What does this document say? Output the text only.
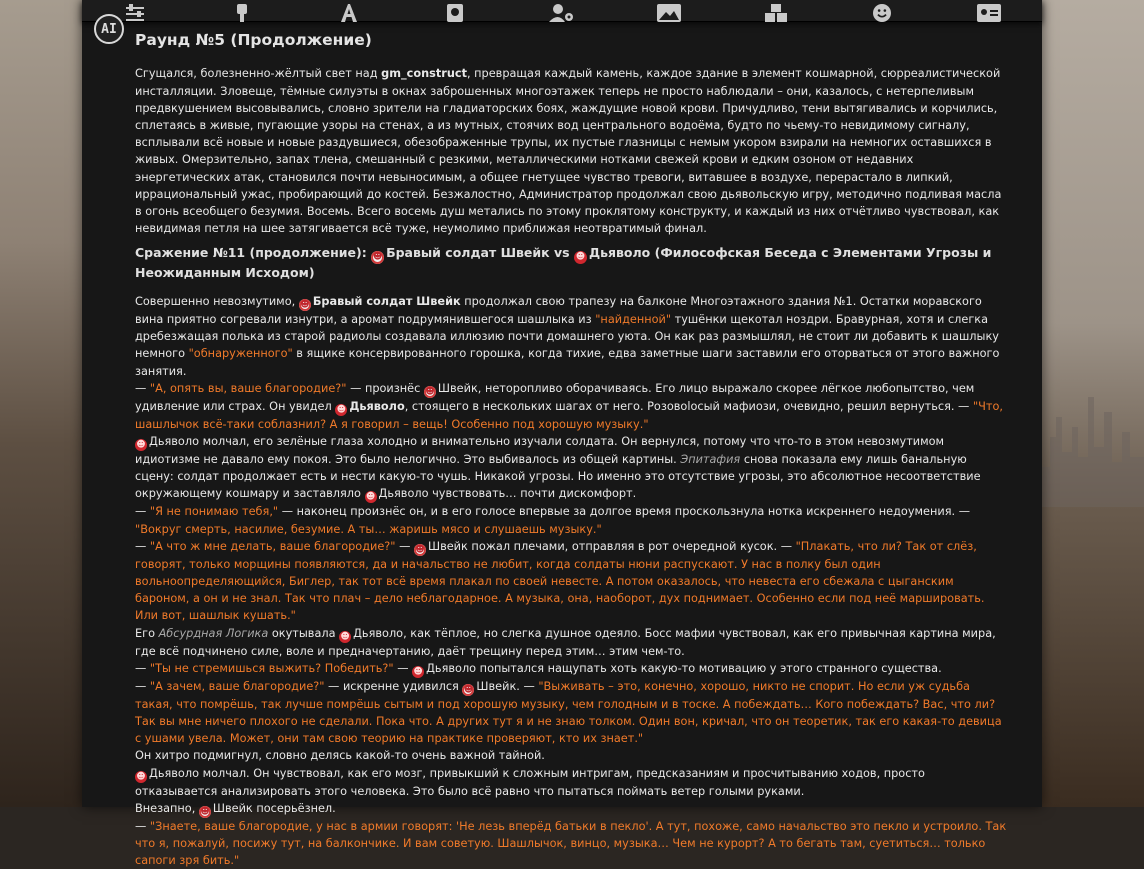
AI
Раунд №5 (Продолжение)

Сгущался, болезненно-жёлтый свет над gm_construct, превращая каждый камень, каждое здание в элемент кошмарной, сюрреалистической инсталляции. Зловеще, тёмные силуэты в окнах заброшенных многоэтажек теперь не просто наблюдали – они, казалось, с нетерпеливым предвкушением высовывались, словно зрители на гладиаторских боях, жаждущие новой крови. Причудливо, тени вытягивались и корчились, сплетаясь в живые, пугающие узоры на стенах, а из мутных, стоячих вод центрального водоёма, будто по чьему-то невидимому сигналу, всплывали всё новые и новые раздувшиеся, обезображенные трупы, их пустые глазницы с немым укором взирали на немногих оставшихся в живых. Омерзительно, запах тлена, смешанный с резкими, металлическими нотками свежей крови и едким озоном от недавних энергетических атак, становился почти невыносимым, а общее гнетущее чувство тревоги, витавшее в воздухе, перерастало в липкий, иррациональный ужас, пробирающий до костей. Безжалостно, Администратор продолжал свою дьявольскую игру, методично подливая масла в огонь всеобщего безумия. Восемь. Всего восемь душ метались по этому проклятому конструкту, и каждый из них отчётливо чувствовал, как невидимая петля на шее затягивается всё туже, неумолимо приближая неотвратимый финал.

Сражение №11 (продолжение): ☻ Бравый солдат Швейк vs ☻ Дьяволо (Философская Беседа с Элементами Угрозы и Неожиданным Исходом)

Совершенно невозмутимо, ☻ Бравый солдат Швейк продолжал свою трапезу на балконе Многоэтажного здания №1. Остатки моравского вина приятно согревали изнутри, а аромат подрумянившегося шашлыка из "найденной" тушёнки щекотал ноздри. Бравурная, хотя и слегка дребезжащая полька из старой радиолы создавала иллюзию почти домашнего уюта. Он как раз размышлял, не стоит ли добавить к шашлыку немного "обнаруженного" в ящике консервированного горошка, когда тихие, едва заметные шаги заставили его оторваться от этого важного занятия.

— "А, опять вы, ваше благородие?" — произнёс ☻ Швейк, неторопливо оборачиваясь. Его лицо выражало скорее лёгкое любопытство, чем удивление или страх. Он увидел ☻ Дьяволо, стоящего в нескольких шагах от него. Розовolосый мафиози, очевидно, решил вернуться. — "Что, шашлычок всё-таки соблазнил? А я говорил – вещь! Особенно под хорошую музыку."

☻ Дьяволо молчал, его зелёные глаза холодно и внимательно изучали солдата. Он вернулся, потому что что-то в этом невозмутимом идиотизме не давало ему покоя. Это было нелогично. Это выбивалось из общей картины. Эпитафия снова показала ему лишь банальную сцену: солдат продолжает есть и нести какую-то чушь. Никакой угрозы. Но именно это отсутствие угрозы, это абсолютное несоответствие окружающему кошмару и заставляло ☻ Дьяволо чувствовать… почти дискомфорт.

— "Я не понимаю тебя," — наконец произнёс он, и в его голосе впервые за долгое время проскользнула нотка искреннего недоумения. — "Вокруг смерть, насилие, безумие. А ты… жаришь мясо и слушаешь музыку."

— "А что ж мне делать, ваше благородие?" — ☻ Швейк пожал плечами, отправляя в рот очередной кусок. — "Плакать, что ли? Так от слёз, говорят, только морщины появляются, да и начальство не любит, когда солдаты нюни распускают. У нас в полку был один вольноопределяющийся, Биглер, так тот всё время плакал по своей невесте. А потом оказалось, что невеста его сбежала с цыганским бароном, а он и не знал. Так что плач – дело неблагодарное. А музыка, она, наоборот, дух поднимает. Особенно если под неё маршировать. Или вот, шашлык кушать."

Его Абсурдная Логика окутывала ☻ Дьяволо, как тёплое, но слегка душное одеяло. Босс мафии чувствовал, как его привычная картина мира, где всё подчинено силе, воле и предначертанию, даёт трещину перед этим… этим чем-то.

— "Ты не стремишься выжить? Победить?" — ☻ Дьяволо попытался нащупать хоть какую-то мотивацию у этого странного существа.

— "А зачем, ваше благородие?" — искренне удивился ☻ Швейк. — "Выживать – это, конечно, хорошо, никто не спорит. Но если уж судьба такая, что помрёшь, так лучше помрёшь сытым и под хорошую музыку, чем голодным и в тоске. А побеждать… Кого побеждать? Вас, что ли? Так вы мне ничего плохого не сделали. Пока что. А других тут я и не знаю толком. Один вон, кричал, что он теоретик, так его какая-то девица с ушами увела. Может, они там свою теорию на практике проверяют, кто их знает."

Он хитро подмигнул, словно делясь какой-то очень важной тайной.

☻ Дьяволо молчал. Он чувствовал, как его мозг, привыкший к сложным интригам, предсказаниям и просчитыванию ходов, просто отказывается анализировать этого человека. Это было всё равно что пытаться поймать ветер голыми руками.

Внезапно, ☻ Швейк посерьёзнел.

— "Знаете, ваше благородие, у нас в армии говорят: 'Не лезь вперёд батьки в пекло'. А тут, похоже, само начальство это пекло и устроило. Так что я, пожалуй, посижу тут, на балкончике. И вам советую. Шашлычок, винцо, музыка… Чем не курорт? А то бегать там, суетиться… только сапоги зря бить."
